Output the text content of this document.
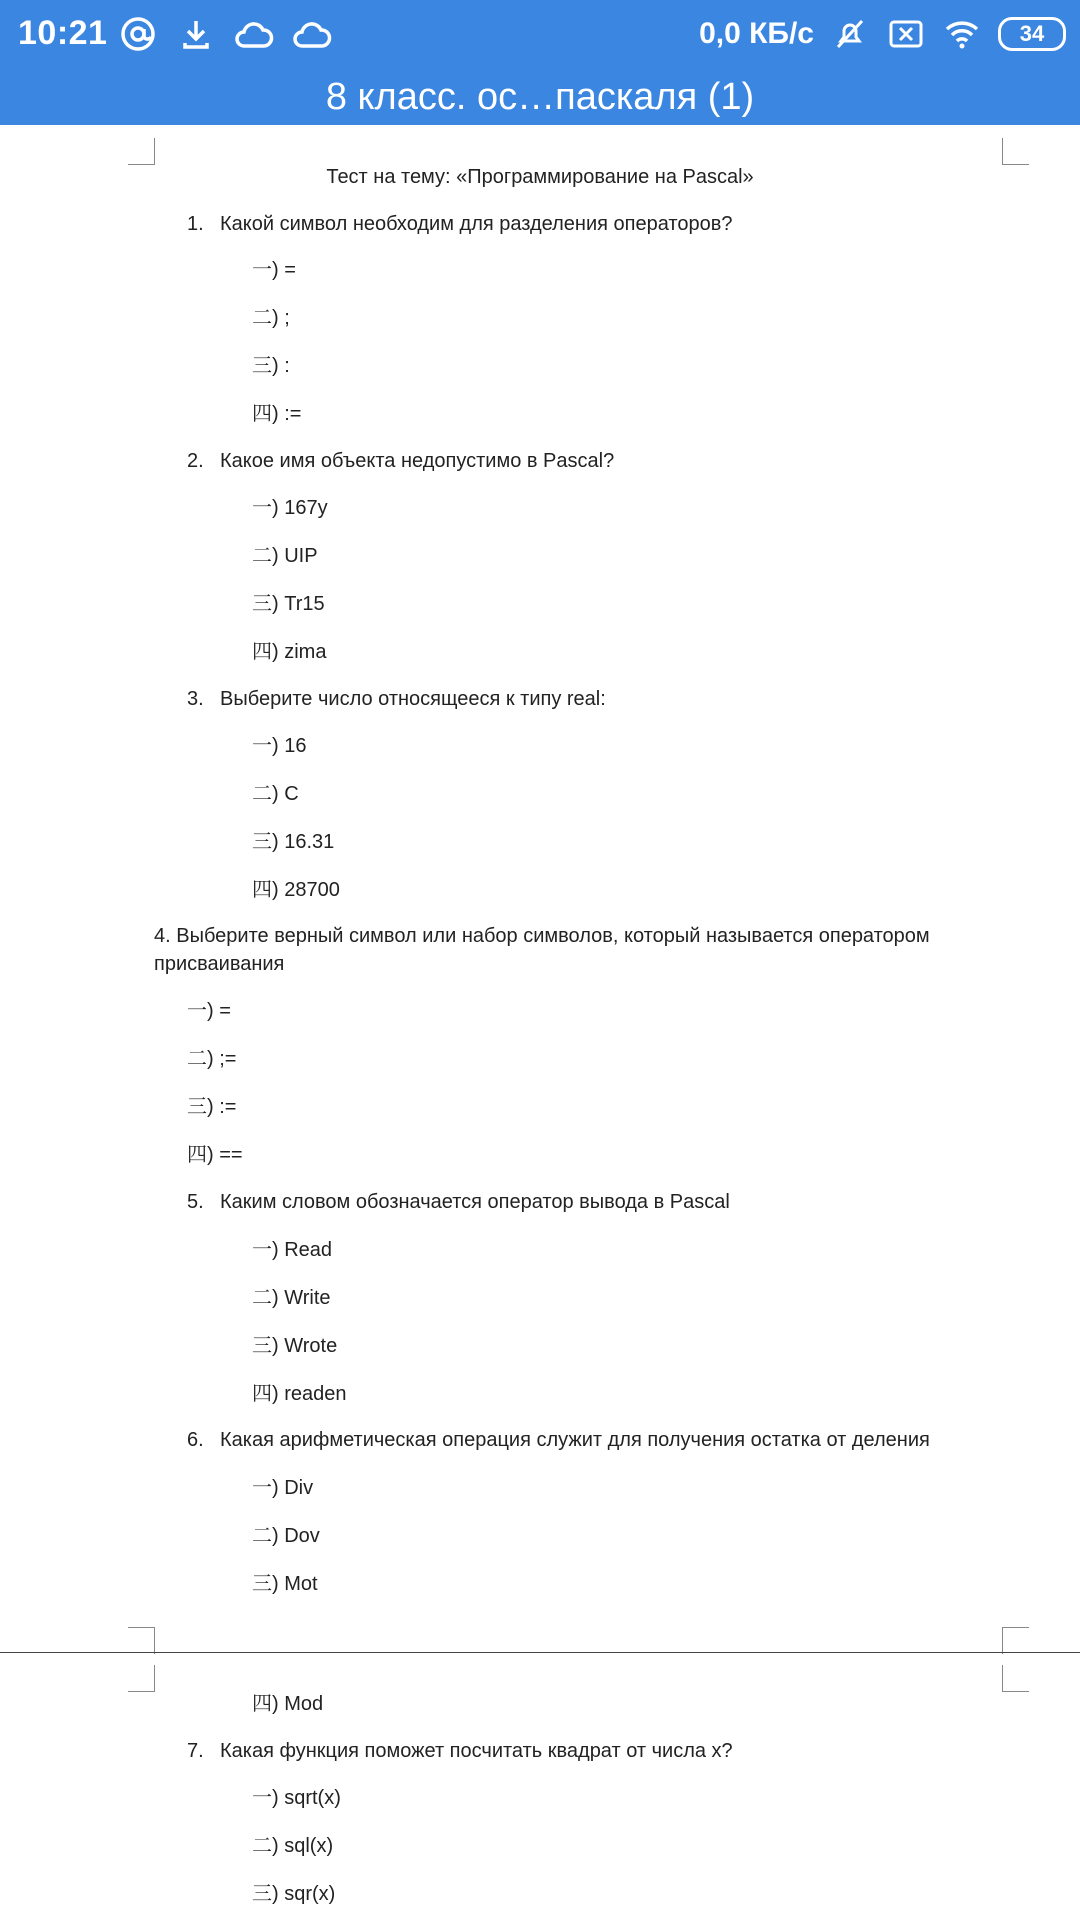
10:21	0,0 КБ/с	34
8 класс. ос…паскаля (1)
Тест на тему: «Программирование на Pascal»
1. Какой символ необходим для разделения операторов?
一) =
二) ;
三) :
四) :=
2. Какое имя объекта недопустимо в Pascal?
一) 167y
二) UIP
三) Tr15
四) zima
3. Выберите число относящееся к типу real:
一) 16
二) C
三) 16.31
四) 28700
4. Выберите верный символ или набор символов, который называется оператором
присваивания
一) =
二) ;=
三) :=
四) ==
5. Каким словом обозначается оператор вывода в Pascal
一) Read
二) Write
三) Wrote
四) readen
6. Какая арифметическая операция служит для получения остатка от деления
一) Div
二) Dov
三) Mot
四) Mod
7. Какая функция поможет посчитать квадрат от числа x?
一) sqrt(x)
二) sql(x)
三) sqr(x)
